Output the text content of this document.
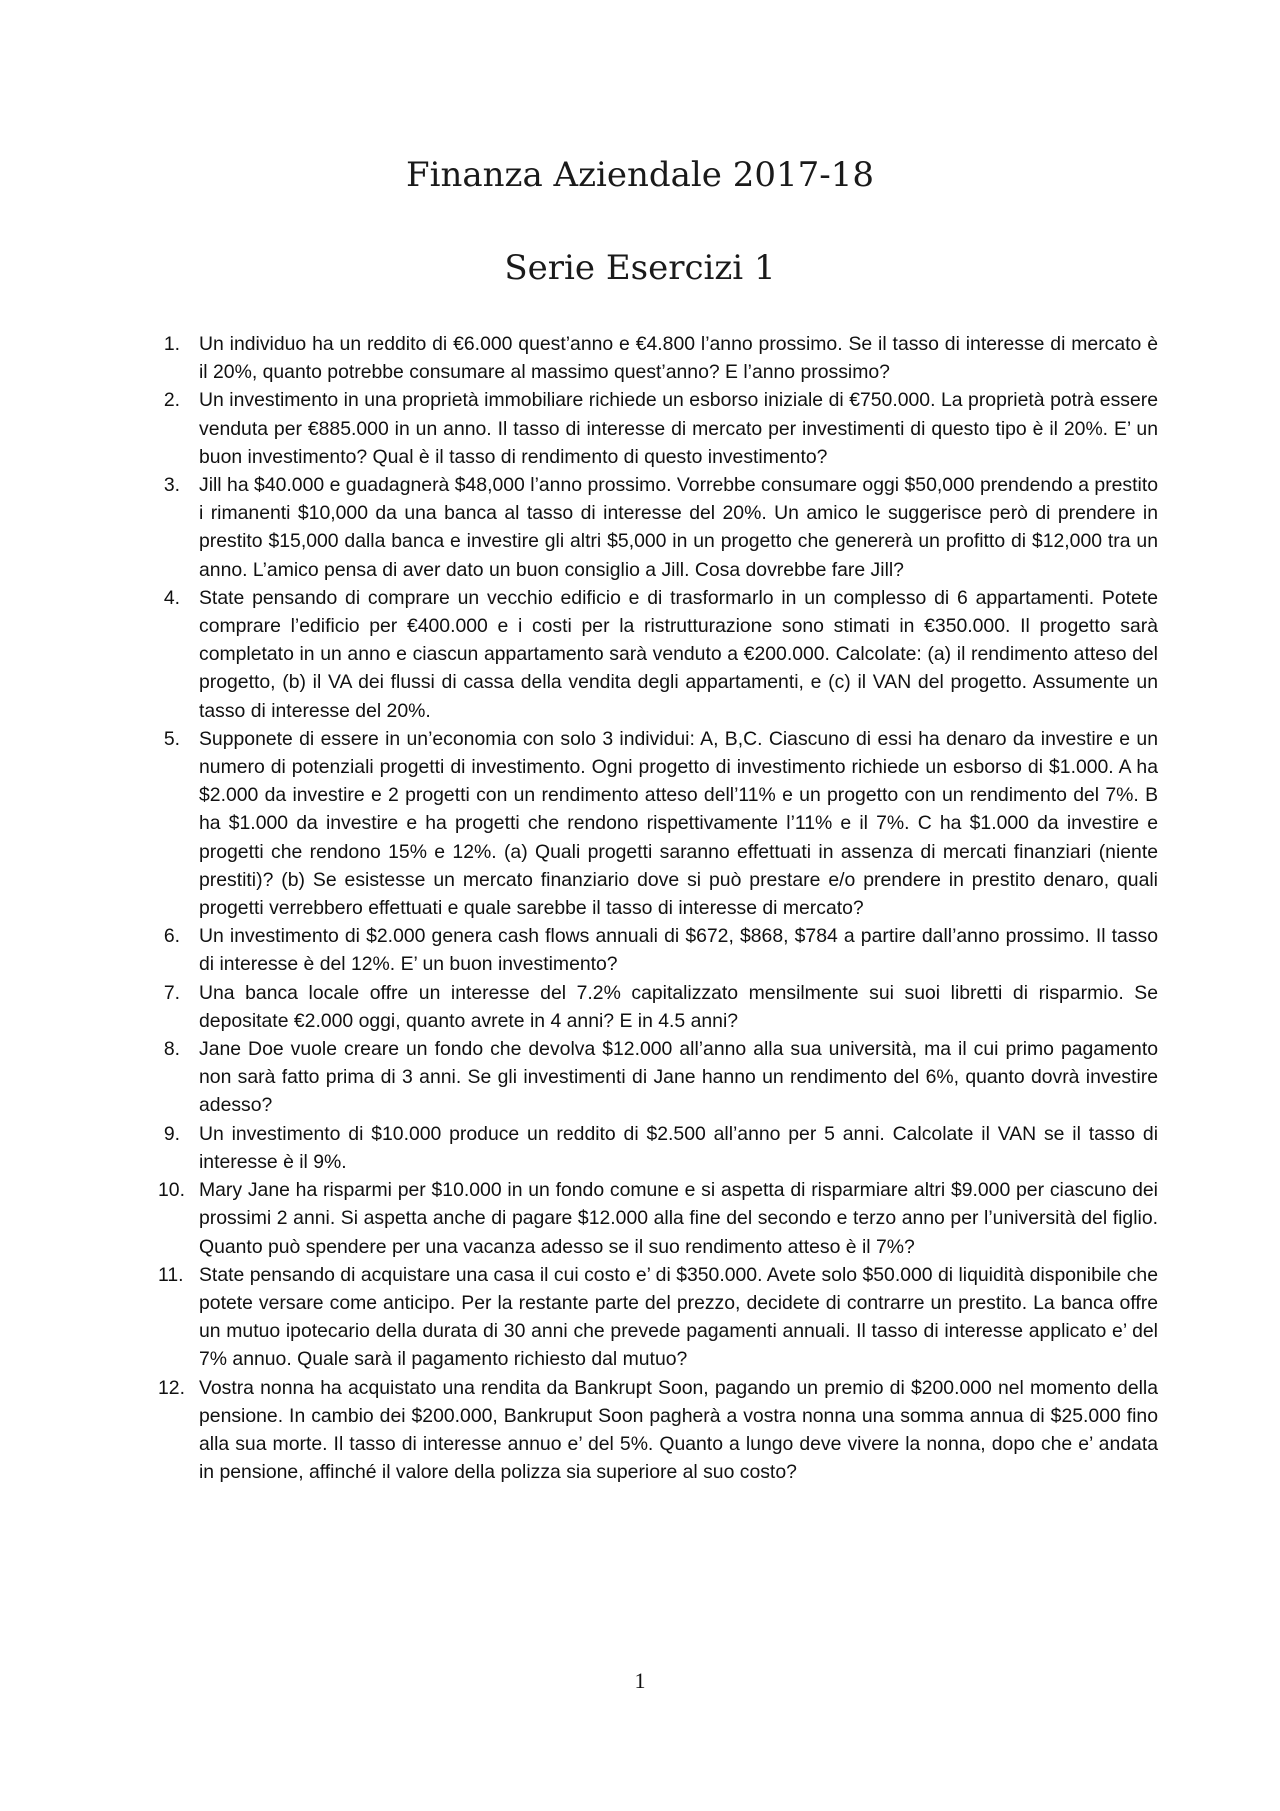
Finanza Aziendale 2017-18
Serie Esercizi 1
1. Un individuo ha un reddito di €6.000 quest’anno e €4.800 l’anno prossimo. Se il tasso di interesse di mercato è il 20%, quanto potrebbe consumare al massimo quest’anno? E l’anno prossimo?
2. Un investimento in una proprietà immobiliare richiede un esborso iniziale di €750.000. La proprietà potrà essere venduta per €885.000 in un anno. Il tasso di interesse di mercato per investimenti di questo tipo è il 20%. E’ un buon investimento? Qual è il tasso di rendimento di questo investimento?
3. Jill ha $40.000 e guadagnerà $48,000 l’anno prossimo. Vorrebbe consumare oggi $50,000 prendendo a prestito i rimanenti $10,000 da una banca al tasso di interesse del 20%. Un amico le suggerisce però di prendere in prestito $15,000 dalla banca e investire gli altri $5,000 in un progetto che genererà un profitto di $12,000 tra un anno. L’amico pensa di aver dato un buon consiglio a Jill. Cosa dovrebbe fare Jill?
4. State pensando di comprare un vecchio edificio e di trasformarlo in un complesso di 6 appartamenti. Potete comprare l’edificio per €400.000 e i costi per la ristrutturazione sono stimati in €350.000. Il progetto sarà completato in un anno e ciascun appartamento sarà venduto a €200.000. Calcolate: (a) il rendimento atteso del progetto, (b) il VA dei flussi di cassa della vendita degli appartamenti, e (c) il VAN del progetto. Assumente un tasso di interesse del 20%.
5. Supponete di essere in un’economia con solo 3 individui: A, B,C. Ciascuno di essi ha denaro da investire e un numero di potenziali progetti di investimento. Ogni progetto di investimento richiede un esborso di $1.000. A ha $2.000 da investire e 2 progetti con un rendimento atteso dell’11% e un progetto con un rendimento del 7%. B ha $1.000 da investire e ha progetti che rendono rispettivamente l’11% e il 7%. C ha $1.000 da investire e progetti che rendono 15% e 12%. (a) Quali progetti saranno effettuati in assenza di mercati finanziari (niente prestiti)? (b) Se esistesse un mercato finanziario dove si può prestare e/o prendere in prestito denaro, quali progetti verrebbero effettuati e quale sarebbe il tasso di interesse di mercato?
6. Un investimento di $2.000 genera cash flows annuali di $672, $868, $784 a partire dall’anno prossimo. Il tasso di interesse è del 12%. E’ un buon investimento?
7. Una banca locale offre un interesse del 7.2% capitalizzato mensilmente sui suoi libretti di risparmio. Se depositate €2.000 oggi, quanto avrete in 4 anni? E in 4.5 anni?
8. Jane Doe vuole creare un fondo che devolva $12.000 all’anno alla sua università, ma il cui primo pagamento non sarà fatto prima di 3 anni. Se gli investimenti di Jane hanno un rendimento del 6%, quanto dovrà investire adesso?
9. Un investimento di $10.000 produce un reddito di $2.500 all’anno per 5 anni. Calcolate il VAN se il tasso di interesse è il 9%.
10. Mary Jane ha risparmi per $10.000 in un fondo comune e si aspetta di risparmiare altri $9.000 per ciascuno dei prossimi 2 anni. Si aspetta anche di pagare $12.000 alla fine del secondo e terzo anno per l’università del figlio. Quanto può spendere per una vacanza adesso se il suo rendimento atteso è il 7%?
11. State pensando di acquistare una casa il cui costo e’ di $350.000. Avete solo $50.000 di liquidità disponibile che potete versare come anticipo. Per la restante parte del prezzo, decidete di contrarre un prestito. La banca offre un mutuo ipotecario della durata di 30 anni che prevede pagamenti annuali. Il tasso di interesse applicato e’ del 7% annuo. Quale sarà il pagamento richiesto dal mutuo?
12. Vostra nonna ha acquistato una rendita da Bankrupt Soon, pagando un premio di $200.000 nel momento della pensione. In cambio dei $200.000, Bankruput Soon pagherà a vostra nonna una somma annua di $25.000 fino alla sua morte. Il tasso di interesse annuo e’ del 5%. Quanto a lungo deve vivere la nonna, dopo che e’ andata in pensione, affinché il valore della polizza sia superiore al suo costo?
1
